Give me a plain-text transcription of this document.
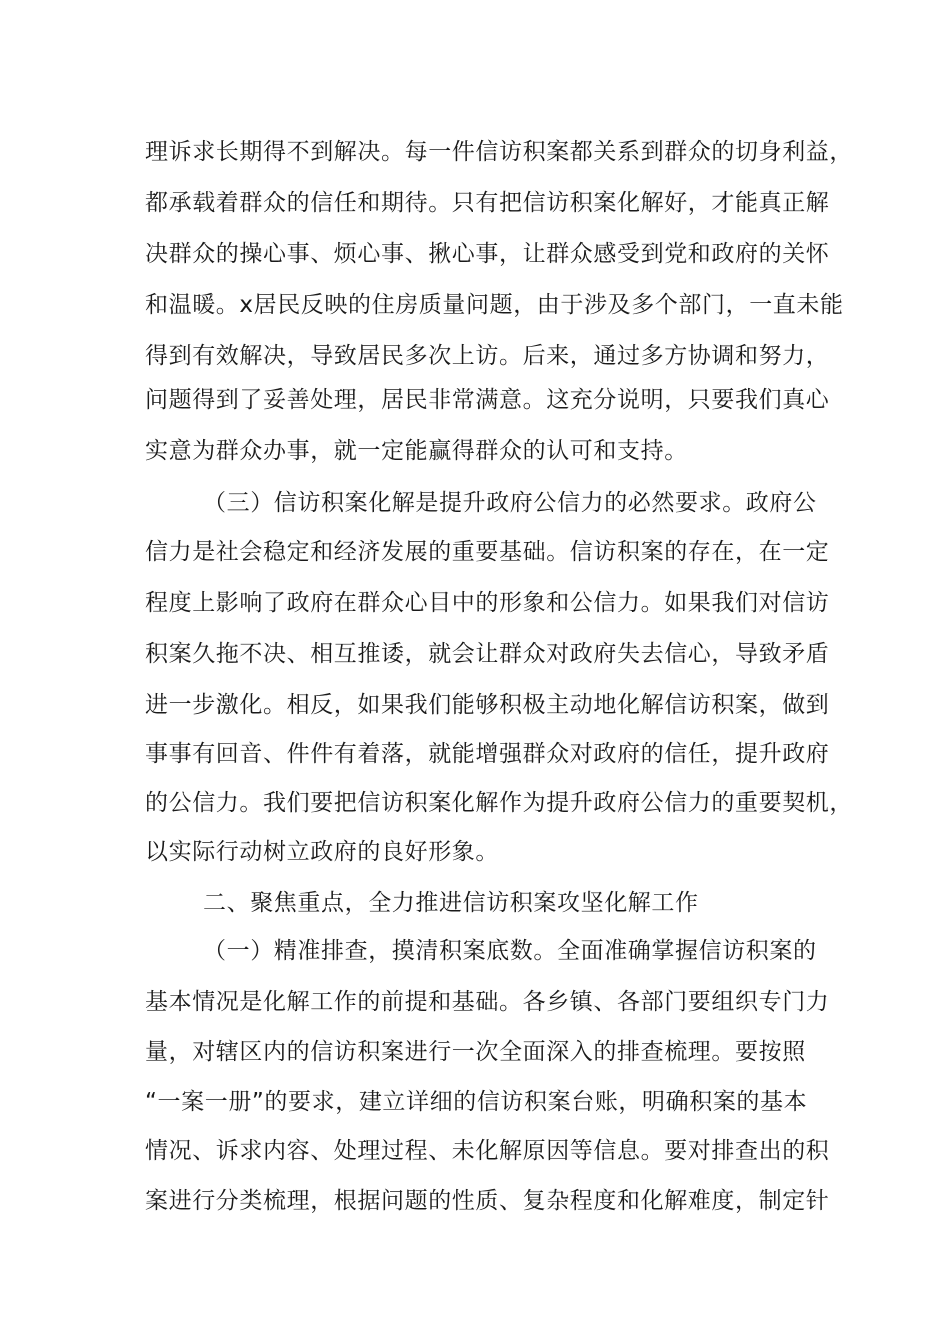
理诉求长期得不到解决。每一件信访积案都关系到群众的切身利益，

都承载着群众的信任和期待。只有把信访积案化解好，才能真正解

决群众的操心事、烦心事、揪心事，让群众感受到党和政府的关怀

和温暖。x居民反映的住房质量问题，由于涉及多个部门，一直未能

得到有效解决，导致居民多次上访。后来，通过多方协调和努力，

问题得到了妥善处理，居民非常满意。这充分说明，只要我们真心

实意为群众办事，就一定能赢得群众的认可和支持。

（三）信访积案化解是提升政府公信力的必然要求。政府公

信力是社会稳定和经济发展的重要基础。信访积案的存在，在一定

程度上影响了政府在群众心目中的形象和公信力。如果我们对信访

积案久拖不决、相互推诿，就会让群众对政府失去信心，导致矛盾

进一步激化。相反，如果我们能够积极主动地化解信访积案，做到

事事有回音、件件有着落，就能增强群众对政府的信任，提升政府

的公信力。我们要把信访积案化解作为提升政府公信力的重要契机，

以实际行动树立政府的良好形象。

二、聚焦重点，全力推进信访积案攻坚化解工作

（一）精准排查，摸清积案底数。全面准确掌握信访积案的

基本情况是化解工作的前提和基础。各乡镇、各部门要组织专门力

量，对辖区内的信访积案进行一次全面深入的排查梳理。要按照

“一案一册”的要求，建立详细的信访积案台账，明确积案的基本

情况、诉求内容、处理过程、未化解原因等信息。要对排查出的积

案进行分类梳理，根据问题的性质、复杂程度和化解难度，制定针
